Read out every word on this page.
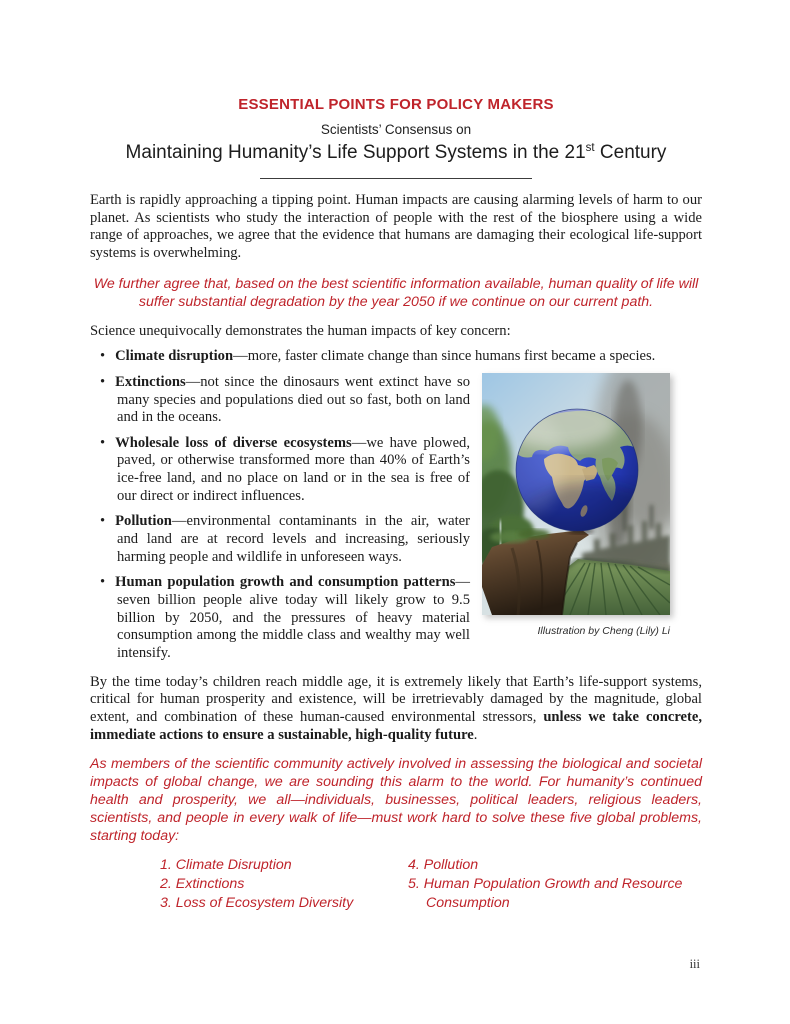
ESSENTIAL POINTS FOR POLICY MAKERS
Scientists’ Consensus on
Maintaining Humanity’s Life Support Systems in the 21st Century

Earth is rapidly approaching a tipping point. Human impacts are causing alarming levels of harm to our planet. As scientists who study the interaction of people with the rest of the biosphere using a wide range of approaches, we agree that the evidence that humans are damaging their ecological life-support systems is overwhelming.

We further agree that, based on the best scientific information available, human quality of life will suffer substantial degradation by the year 2050 if we continue on our current path.

Science unequivocally demonstrates the human impacts of key concern:

• Climate disruption—more, faster climate change than since humans first became a species.

Illustration by Cheng (Lily) Li

• Extinctions—not since the dinosaurs went extinct have so many species and populations died out so fast, both on land and in the oceans.

• Wholesale loss of diverse ecosystems—we have plowed, paved, or otherwise transformed more than 40% of Earth’s ice-free land, and no place on land or in the sea is free of our direct or indirect influences.

• Pollution—environmental contaminants in the air, water and land are at record levels and increasing, seriously harming people and wildlife in unforeseen ways.

• Human population growth and consumption patterns—seven billion people alive today will likely grow to 9.5 billion by 2050, and the pressures of heavy material consumption among the middle class and wealthy may well intensify.

By the time today’s children reach middle age, it is extremely likely that Earth’s life-support systems, critical for human prosperity and existence, will be irretrievably damaged by the magnitude, global extent, and combination of these human-caused environmental stressors, unless we take concrete, immediate actions to ensure a sustainable, high-quality future.

As members of the scientific community actively involved in assessing the biological and societal impacts of global change, we are sounding this alarm to the world. For humanity’s continued health and prosperity, we all—individuals, businesses, political leaders, religious leaders, scientists, and people in every walk of life—must work hard to solve these five global problems, starting today:

1. Climate Disruption
2. Extinctions
3. Loss of Ecosystem Diversity
4. Pollution
5. Human Population Growth and Resource Consumption
iii
